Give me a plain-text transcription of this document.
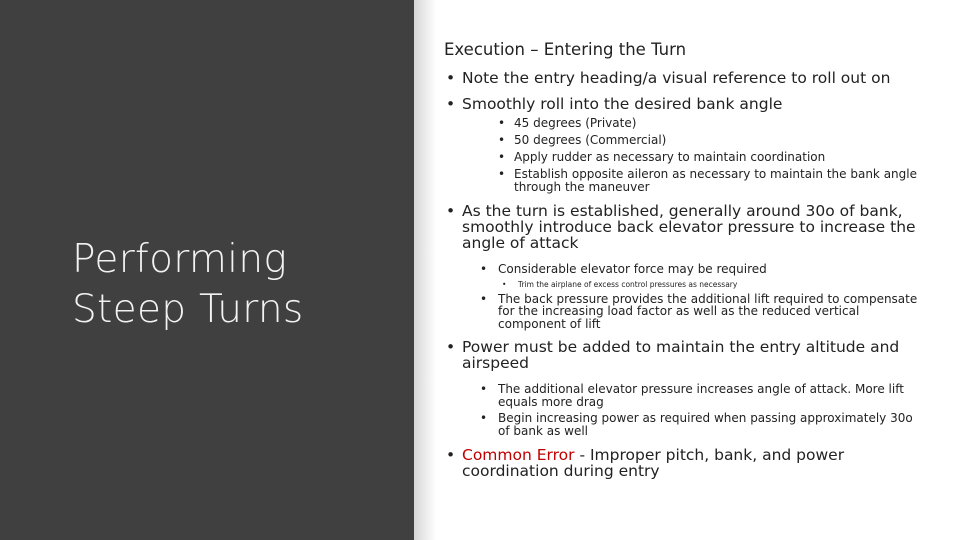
Performing
Steep Turns
Execution – Entering the Turn
• Note the entry heading/a visual reference to roll out on
• Smoothly roll into the desired bank angle
• 45 degrees (Private)
• 50 degrees (Commercial)
• Apply rudder as necessary to maintain coordination
• Establish opposite aileron as necessary to maintain the bank angle through the maneuver
• As the turn is established, generally around 30o of bank, smoothly introduce back elevator pressure to increase the angle of attack
• Considerable elevator force may be required
• Trim the airplane of excess control pressures as necessary
• The back pressure provides the additional lift required to compensate for the increasing load factor as well as the reduced vertical component of lift
• Power must be added to maintain the entry altitude and airspeed
• The additional elevator pressure increases angle of attack. More lift equals more drag
• Begin increasing power as required when passing approximately 30o of bank as well
• Common Error - Improper pitch, bank, and power coordination during entry
